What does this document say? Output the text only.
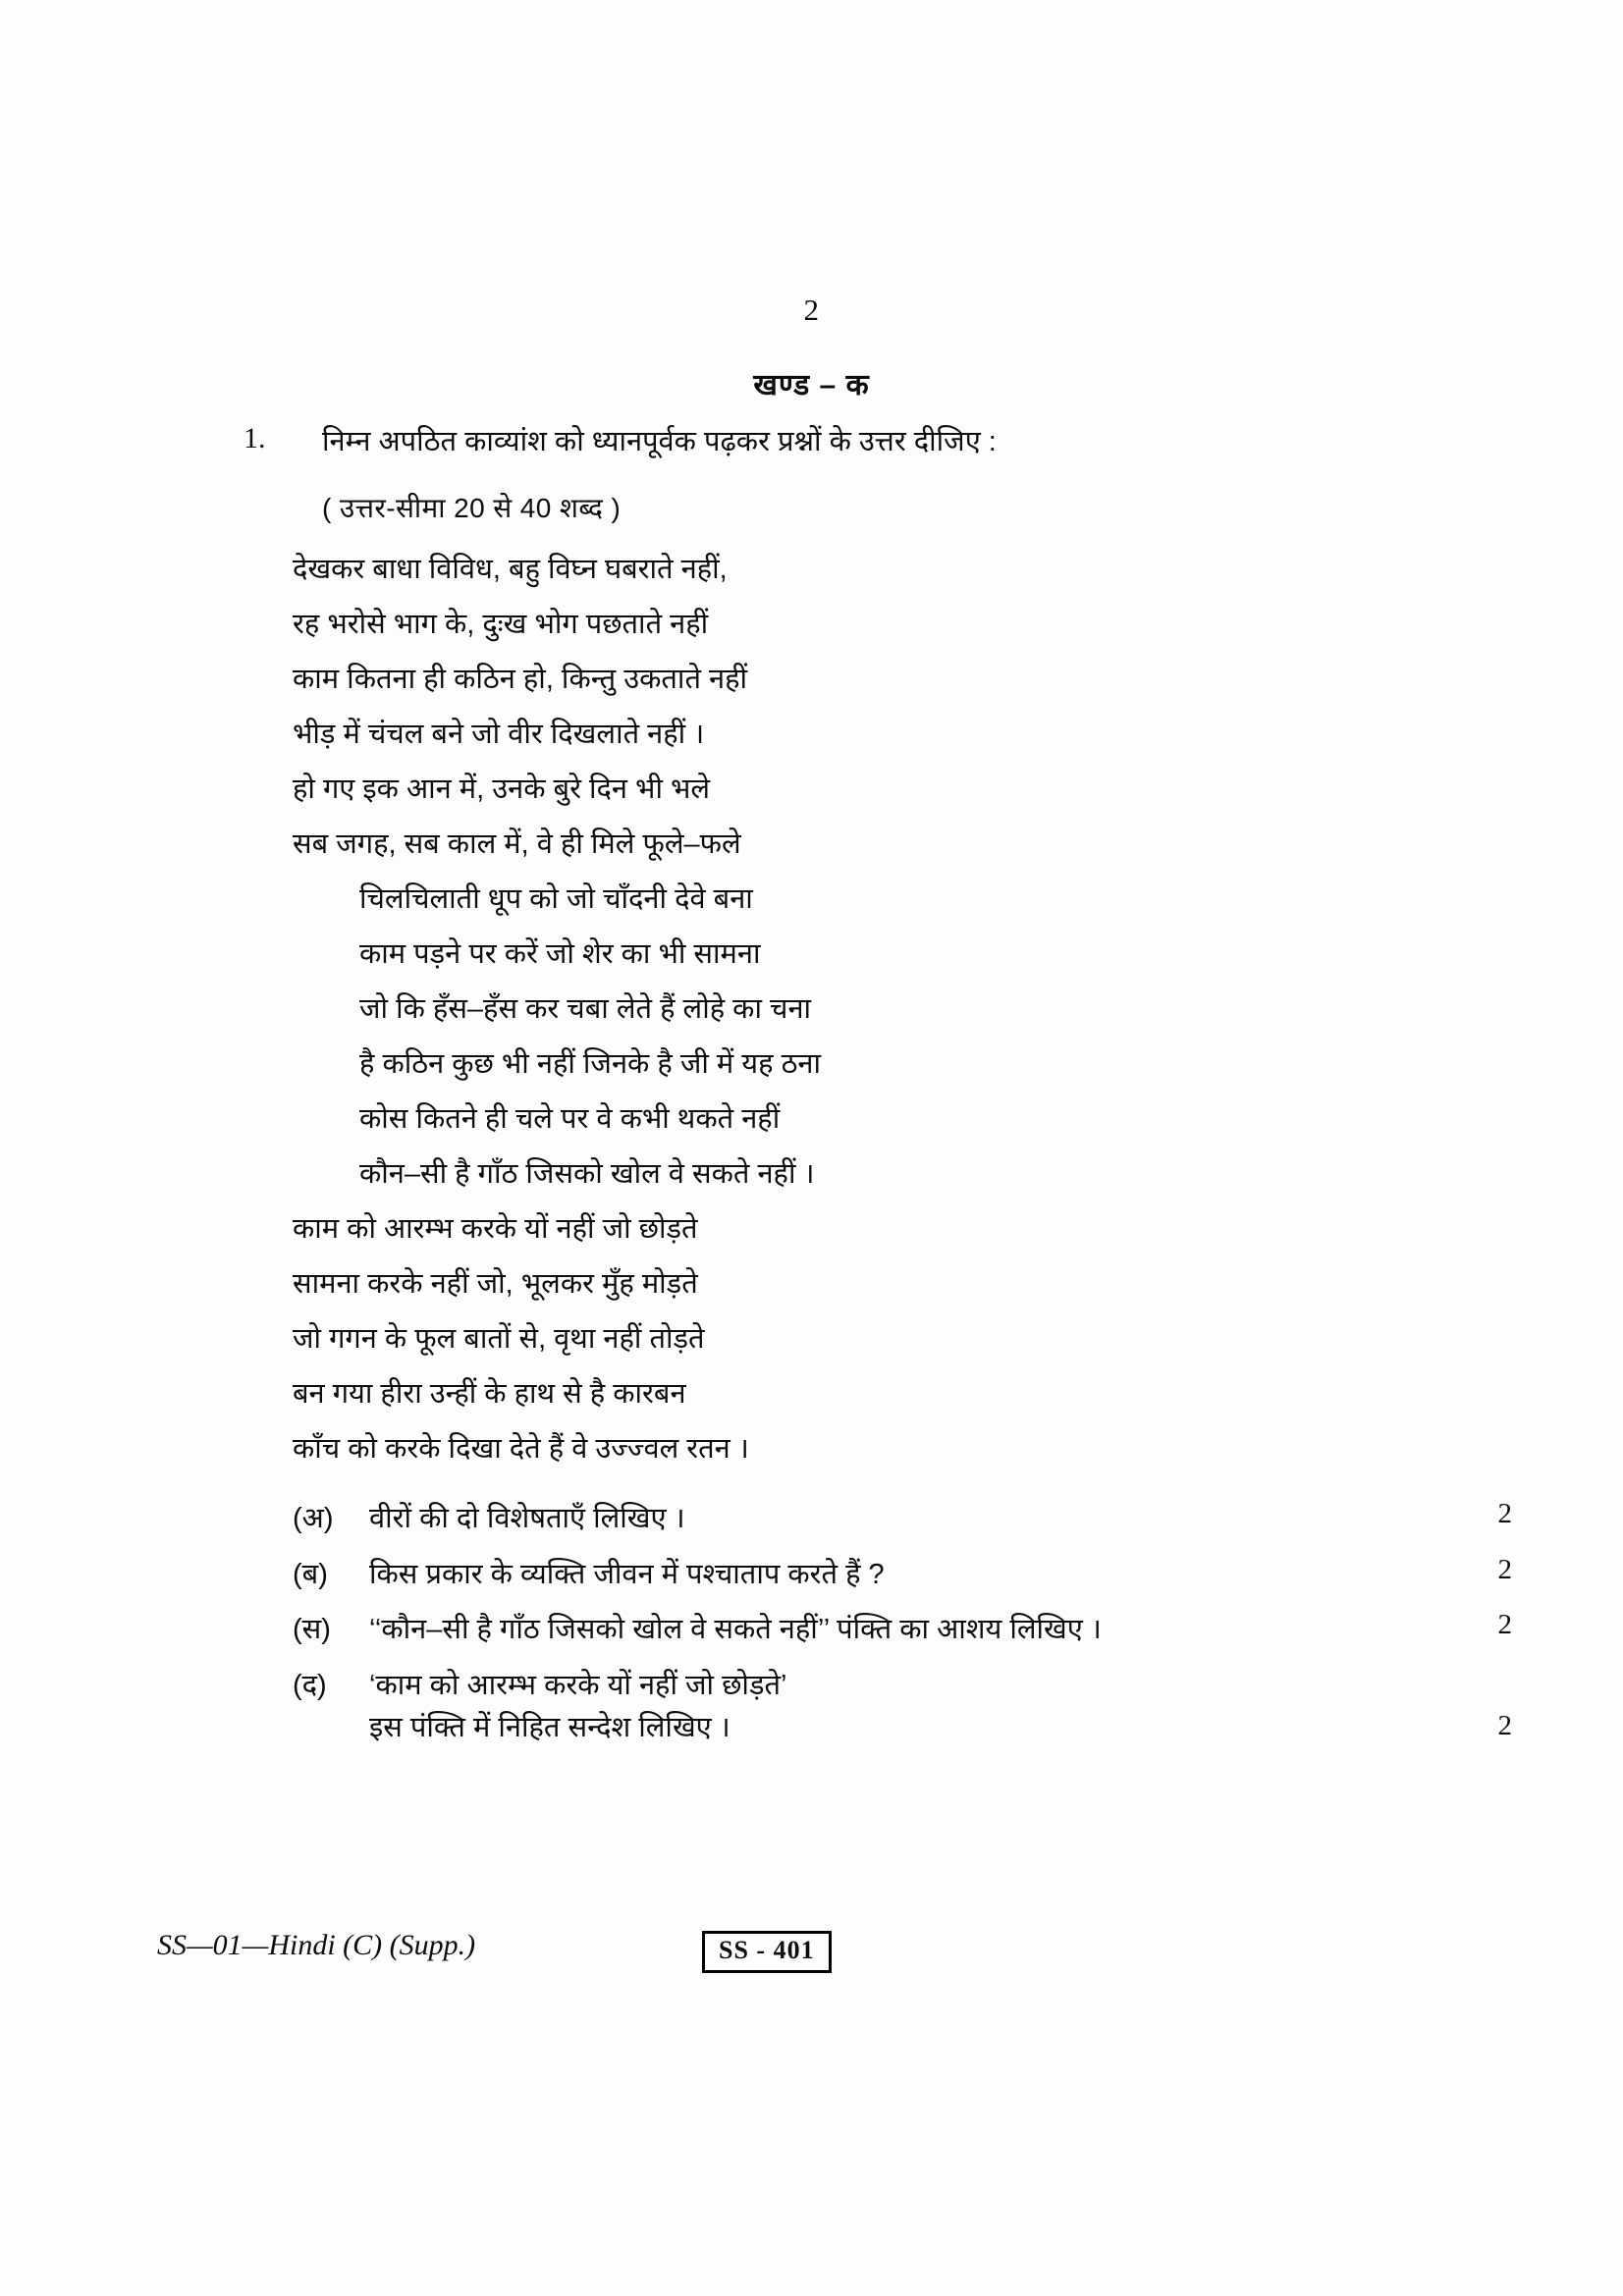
2
खण्ड – क
1.	निम्न अपठित काव्यांश को ध्यानपूर्वक पढ़कर प्रश्नों के उत्तर दीजिए :
( उत्तर-सीमा 20 से 40 शब्द )
देखकर बाधा विविध, बहु विघ्न घबराते नहीं,
रह भरोसे भाग के, दुःख भोग पछताते नहीं
काम कितना ही कठिन हो, किन्तु उकताते नहीं
भीड़ में चंचल बने जो वीर दिखलाते नहीं ।
हो गए इक आन में, उनके बुरे दिन भी भले
सब जगह, सब काल में, वे ही मिले फूले–फले
चिलचिलाती धूप को जो चाँदनी देवे बना
काम पड़ने पर करें जो शेर का भी सामना
जो कि हँस–हँस कर चबा लेते हैं लोहे का चना
है कठिन कुछ भी नहीं जिनके है जी में यह ठना
कोस कितने ही चले पर वे कभी थकते नहीं
कौन–सी है गाँठ जिसको खोल वे सकते नहीं ।
काम को आरम्भ करके यों नहीं जो छोड़ते
सामना करके नहीं जो, भूलकर मुँह मोड़ते
जो गगन के फूल बातों से, वृथा नहीं तोड़ते
बन गया हीरा उन्हीं के हाथ से है कारबन
काँच को करके दिखा देते हैं वे उज्ज्वल रतन ।
(अ)	वीरों की दो विशेषताएँ लिखिए ।	2
(ब)	किस प्रकार के व्यक्ति जीवन में पश्चाताप करते हैं ?	2
(स)	‘‘कौन–सी है गाँठ जिसको खोल वे सकते नहीं’’ पंक्ति का आशय लिखिए ।	2
(द)	‘काम को आरम्भ करके यों नहीं जो छोड़ते’
इस पंक्ति में निहित सन्देश लिखिए ।	2
SS—01—Hindi (C) (Supp.)	SS - 401
